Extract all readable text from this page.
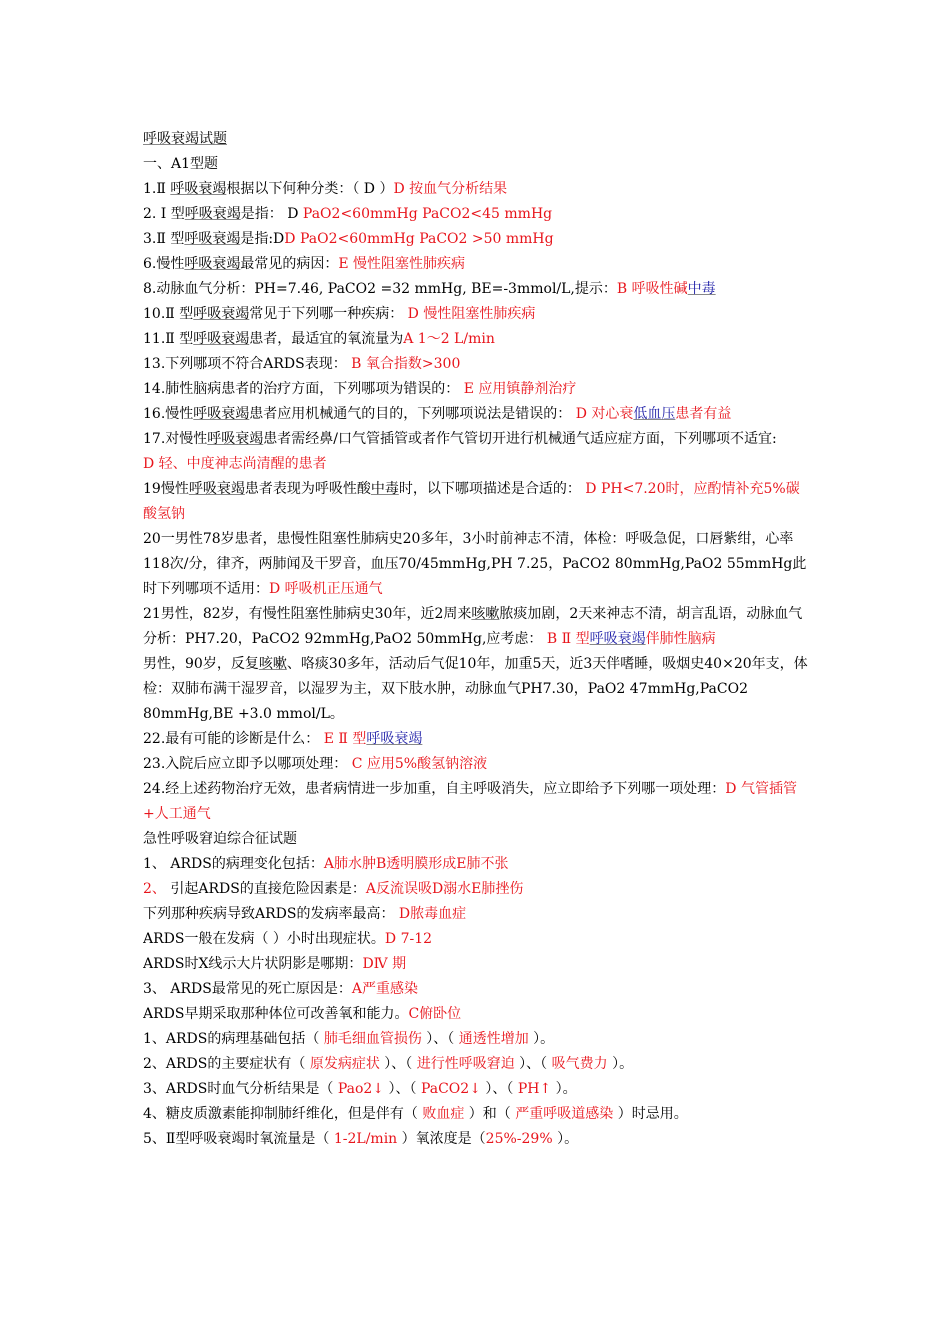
呼吸衰竭试题
一、A1型题
1.Ⅱ 呼吸衰竭根据以下何种分类：（ D ）D 按血气分析结果
2. Ⅰ 型呼吸衰竭是指： D PaO2<60mmHg PaCO2<45 mmHg
3.Ⅱ 型呼吸衰竭是指:DD PaO2<60mmHg PaCO2 >50 mmHg
6.慢性呼吸衰竭最常见的病因：E 慢性阻塞性肺疾病
8.动脉血气分析：PH=7.46, PaCO2 =32 mmHg, BE=-3mmol/L,提示：B 呼吸性碱中毒
10.Ⅱ 型呼吸衰竭常见于下列哪一种疾病： D 慢性阻塞性肺疾病
11.Ⅱ 型呼吸衰竭患者，最适宜的氧流量为A 1～2 L/min
13.下列哪项不符合ARDS表现： B 氧合指数>300
14.肺性脑病患者的治疗方面，下列哪项为错误的： E 应用镇静剂治疗
16.慢性呼吸衰竭患者应用机械通气的目的，下列哪项说法是错误的： D 对心衰低血压患者有益
17.对慢性呼吸衰竭患者需经鼻/口气管插管或者作气管切开进行机械通气适应症方面，下列哪项不适宜:
D 轻、中度神志尚清醒的患者
19慢性呼吸衰竭患者表现为呼吸性酸中毒时，以下哪项描述是合适的： D PH<7.20时，应酌情补充5%碳酸氢钠
20一男性78岁患者，患慢性阻塞性肺病史20多年，3小时前神志不清，体检：呼吸急促，口唇紫绀，心率118次/分，律齐，两肺闻及干罗音，血压70/45mmHg,PH 7.25，PaCO2 80mmHg,PaO2 55mmHg此时下列哪项不适用：D 呼吸机正压通气
21男性，82岁，有慢性阻塞性肺病史30年，近2周来咳嗽脓痰加剧，2天来神志不清，胡言乱语，动脉血气分析：PH7.20，PaCO2 92mmHg,PaO2 50mmHg,应考虑： B Ⅱ 型呼吸衰竭伴肺性脑病
男性，90岁，反复咳嗽、咯痰30多年，活动后气促10年，加重5天，近3天伴嗜睡，吸烟史40×20年支，体检：双肺布满干湿罗音，以湿罗为主，双下肢水肿，动脉血气PH7.30，PaO2 47mmHg,PaCO2 80mmHg,BE +3.0 mmol/L。
22.最有可能的诊断是什么： E Ⅱ 型呼吸衰竭
23.入院后应立即予以哪项处理： C 应用5%酸氢钠溶液
24.经上述药物治疗无效，患者病情进一步加重，自主呼吸消失，应立即给予下列哪一项处理：D 气管插管+人工通气
急性呼吸窘迫综合征试题
1、 ARDS的病理变化包括：A肺水肿B透明膜形成E肺不张
2、 引起ARDS的直接危险因素是：A反流误吸D溺水E肺挫伤
下列那种疾病导致ARDS的发病率最高： D脓毒血症
ARDS一般在发病（ ）小时出现症状。D 7-12
ARDS时X线示大片状阴影是哪期：DⅣ 期
3、 ARDS最常见的死亡原因是：A严重感染
ARDS早期采取那种体位可改善氧和能力。C俯卧位
1、ARDS的病理基础包括（ 肺毛细血管损伤 ）、（ 通透性增加 ）。
2、ARDS的主要症状有（ 原发病症状 ）、（ 进行性呼吸窘迫 ）、（ 吸气费力 ）。
3、ARDS时血气分析结果是（ Pao2↓ ）、（ PaCO2↓ ）、（ PH↑ ）。
4、糖皮质激素能抑制肺纤维化，但是伴有（ 败血症 ）和（ 严重呼吸道感染 ）时忌用。
5、Ⅱ型呼吸衰竭时氧流量是（ 1-2L/min ）氧浓度是（25%-29% ）。
